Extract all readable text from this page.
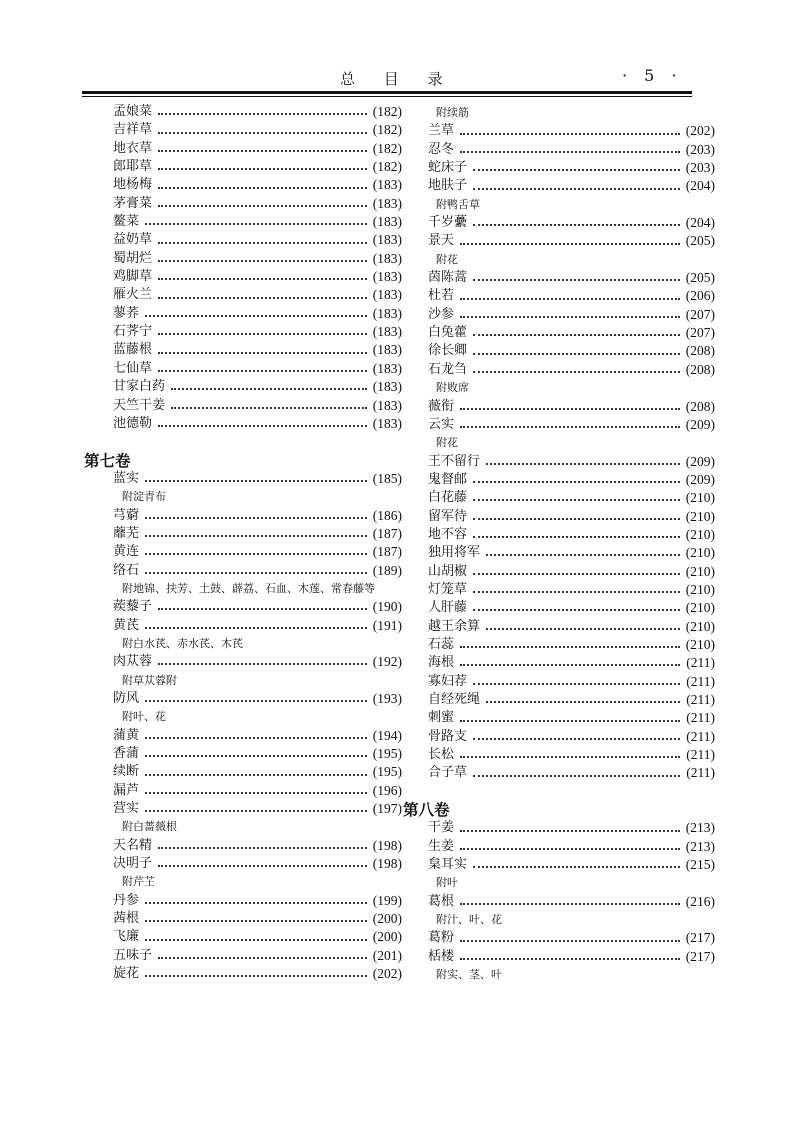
总 目 录	· 5 ·
孟娘菜	(182)
吉祥草	(182)
地衣草	(182)
郎耶草	(182)
地杨梅	(183)
茅膏菜	(183)
鳌菜	(183)
益奶草	(183)
蜀胡烂	(183)
鸡脚草	(183)
雁火兰	(183)
蓼荞	(183)
石荠宁	(183)
蓝藤根	(183)
七仙草	(183)
甘家白药	(183)
天竺干姜	(183)
池德勒	(183)
第七卷
蓝实	(185)
附淀青布
芎藭	(186)
蘼芜	(187)
黄连	(187)
络石	(189)
附地锦、扶芳、土鼓、薜荔、石血、木莲、常春藤等
蒺藜子	(190)
黄芪	(191)
附白水芪、赤水芪、木芪
肉苁蓉	(192)
附草苁蓉附
防风	(193)
附叶、花
蒲黄	(194)
香蒲	(195)
续断	(195)
漏芦	(196)
营实	(197)
附白蔷薇根
天名精	(198)
决明子	(198)
附芹芏
丹参	(199)
茜根	(200)
飞廉	(200)
五味子	(201)
旋花	(202)
附续筋
兰草	(202)
忍冬	(203)
蛇床子	(203)
地肤子	(204)
附鸭舌草
千岁虆	(204)
景天	(205)
附花
茵陈蒿	(205)
杜若	(206)
沙参	(207)
白兔藿	(207)
徐长卿	(208)
石龙刍	(208)
附败席
薇衔	(208)
云实	(209)
附花
王不留行	(209)
鬼督邮	(209)
白花藤	(210)
留军待	(210)
地不容	(210)
独用将军	(210)
山胡椒	(210)
灯笼草	(210)
人肝藤	(210)
越王余算	(210)
石蕊	(210)
海根	(211)
寡妇荐	(211)
自经死绳	(211)
刺蜜	(211)
骨路支	(211)
长松	(211)
合子草	(211)
第八卷
干姜	(213)
生姜	(213)
枲耳实	(215)
附叶
葛根	(216)
附汁、叶、花
葛粉	(217)
栝楼	(217)
附实、茎、叶
